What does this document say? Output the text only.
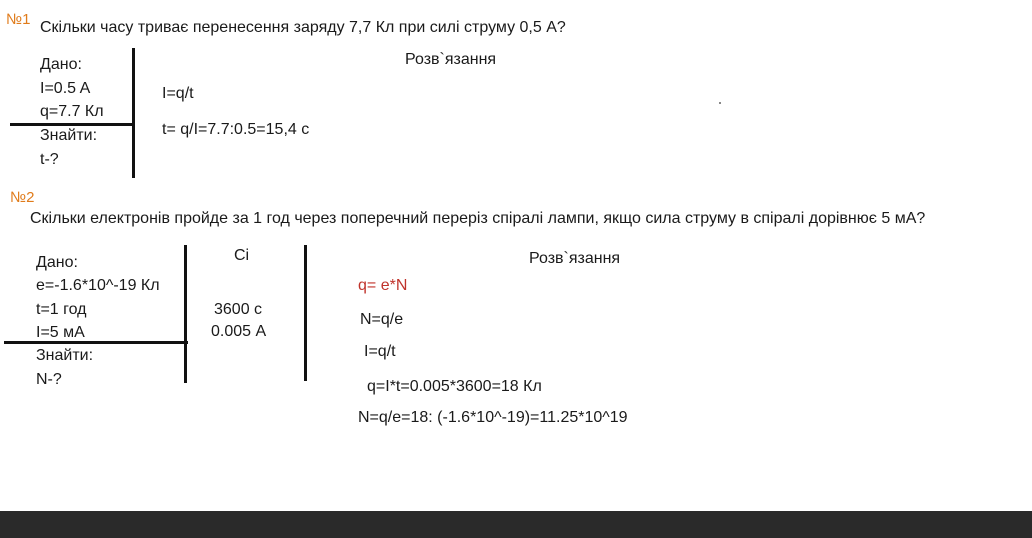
№1 Скільки часу триває перенесення заряду 7,7 Кл при силі струму 0,5 А?
Дано:
I=0.5 A
q=7.7 Кл
Знайти:
t-?
Розв`язання
I=q/t
t= q/I=7.7:0.5=15,4 с
№2
Скільки електронів пройде за 1 год через поперечний переріз спіралі лампи, якщо сила струму в спіралі дорівнює 5 мА?
Дано:
e=-1.6*10^-19 Кл
t=1 год
I=5 мА
Знайти:
N-?
Ci
3600 с
0.005 А
Розв`язання
q= e*N
N=q/e
I=q/t
q=I*t=0.005*3600=18 Кл
N=q/e=18: (-1.6*10^-19)=11.25*10^19
